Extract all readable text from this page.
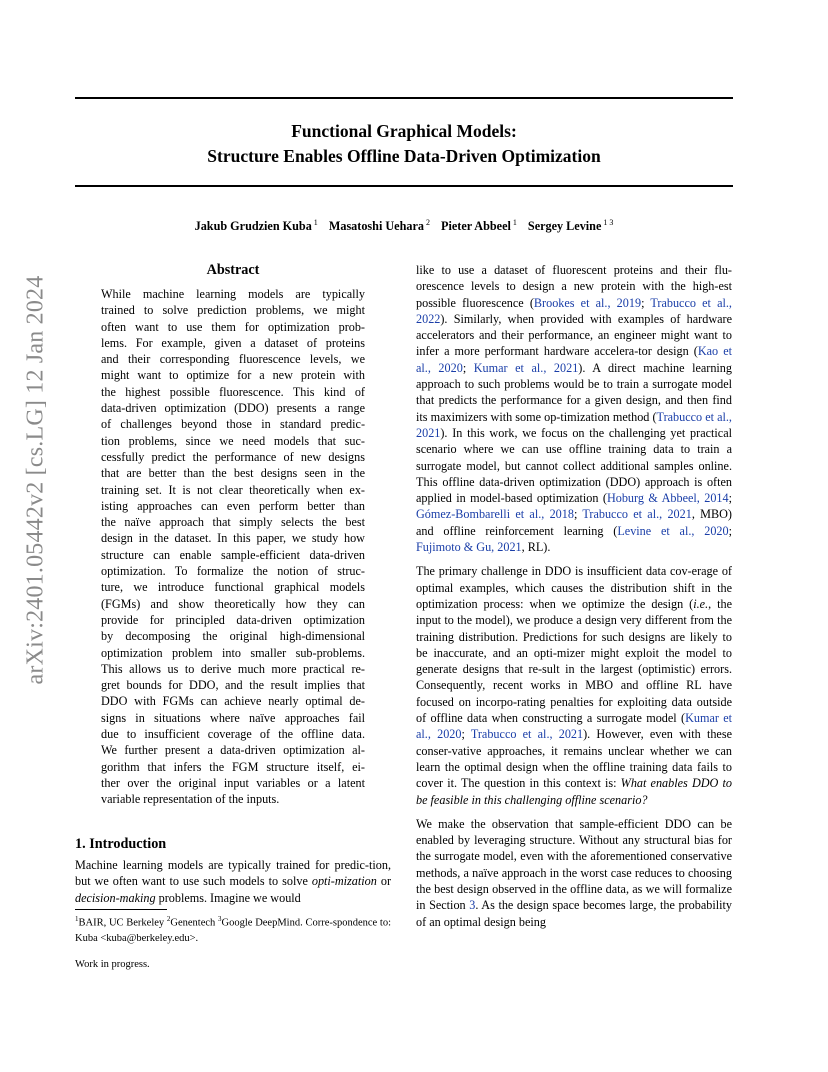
arXiv:2401.05442v2 [cs.LG] 12 Jan 2024
Functional Graphical Models:
Structure Enables Offline Data-Driven Optimization
Jakub Grudzien Kuba $^1$ Masatoshi Uehara $^2$ Pieter Abbeel $^1$ Sergey Levine $^{1 3}$
Abstract
While machine learning models are typically
trained to solve prediction problems, we might
often want to use them for optimization prob-
lems. For example, given a dataset of proteins
and their corresponding fluorescence levels, we
might want to optimize for a new protein with
the highest possible fluorescence. This kind of
data-driven optimization (DDO) presents a range
of challenges beyond those in standard predic-
tion problems, since we need models that suc-
cessfully predict the performance of new designs
that are better than the best designs seen in the
training set. It is not clear theoretically when ex-
isting approaches can even perform better than
the naïve approach that simply selects the best
design in the dataset. In this paper, we study how
structure can enable sample-efficient data-driven
optimization. To formalize the notion of struc-
ture, we introduce functional graphical models
(FGMs) and show theoretically how they can
provide for principled data-driven optimization
by decomposing the original high-dimensional
optimization problem into smaller sub-problems.
This allows us to derive much more practical re-
gret bounds for DDO, and the result implies that
DDO with FGMs can achieve nearly optimal de-
signs in situations where naïve approaches fail
due to insufficient coverage of the offline data.
We further present a data-driven optimization al-
gorithm that infers the FGM structure itself, ei-
ther over the original input variables or a latent
variable representation of the inputs.
1. Introduction

Machine learning models are typically trained for predic-tion, but we often want to use such models to solve opti-mization or decision-making problems. Imagine we would

$^1$BAIR, UC Berkeley $^2$Genentech $^3$Google DeepMind. Corre-spondence to: Kuba <kuba@berkeley.edu>.
Work in progress.

like to use a dataset of fluorescent proteins and their flu-orescence levels to design a new protein with the high-est possible fluorescence (Brookes et al., 2019; Trabucco et al., 2022). Similarly, when provided with examples of hardware accelerators and their performance, an engineer might want to infer a more performant hardware accelera-tor design (Kao et al., 2020; Kumar et al., 2021). A direct machine learning approach to such problems would be to train a surrogate model that predicts the performance for a given design, and then find its maximizers with some op-timization method (Trabucco et al., 2021). In this work, we focus on the challenging yet practical scenario where we can use offline training data to train a surrogate model, but cannot collect additional samples online. This offline data-driven optimization (DDO) approach is often applied in model-based optimization (Hoburg & Abbeel, 2014; Gómez-Bombarelli et al., 2018; Trabucco et al., 2021, MBO) and offline reinforcement learning (Levine et al., 2020; Fujimoto & Gu, 2021, RL).

The primary challenge in DDO is insufficient data cov-erage of optimal examples, which causes the distribution shift in the optimization process: when we optimize the design (i.e., the input to the model), we produce a design very different from the training distribution. Predictions for such designs are likely to be inaccurate, and an opti-mizer might exploit the model to generate designs that re-sult in the largest (optimistic) errors. Consequently, recent works in MBO and offline RL have focused on incorpo-rating penalties for exploiting data outside of offline data when constructing a surrogate model (Kumar et al., 2020; Trabucco et al., 2021). However, even with these conser-vative approaches, it remains unclear whether we can learn the optimal design when the offline training data fails to cover it. The question in this context is: What enables DDO to be feasible in this challenging offline scenario?

We make the observation that sample-efficient DDO can be enabled by leveraging structure. Without any structural bias for the surrogate model, even with the aforementioned conservative methods, a naïve approach in the worst case reduces to choosing the best design observed in the offline data, as we will formalize in Section 3. As the design space becomes large, the probability of an optimal design being
